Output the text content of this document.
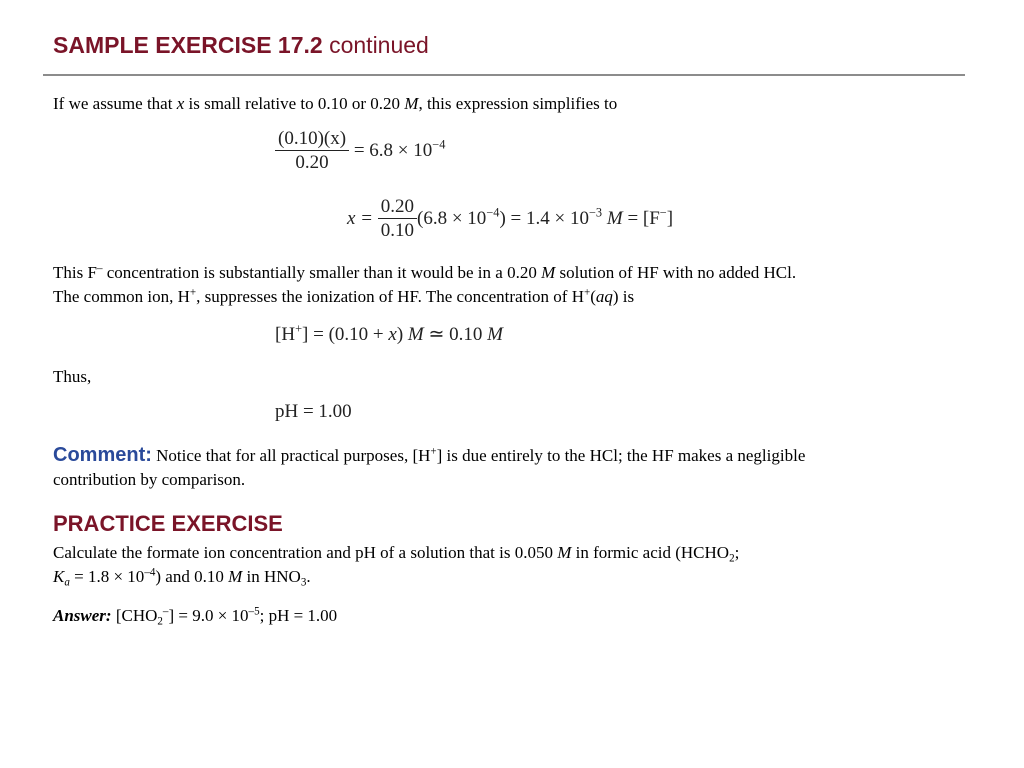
SAMPLE EXERCISE 17.2 continued
If we assume that x is small relative to 0.10 or 0.20 M, this expression simplifies to
$\frac{(0.10)(x)}{0.20} = 6.8 \times 10^{-4}$
$x = \frac{0.20}{0.10} (6.8 \times 10^{-4}) = 1.4 \times 10^{-3}$ M = [F−]
This F– concentration is substantially smaller than it would be in a 0.20 M solution of HF with no added HCl.
The common ion, H+, suppresses the ionization of HF. The concentration of H+(aq) is
[H+] = (0.10 + x) M ≃ 0.10 M
Thus,
pH = 1.00
Comment: Notice that for all practical purposes, [H+] is due entirely to the HCl; the HF makes a negligible
contribution by comparison.
PRACTICE EXERCISE
Calculate the formate ion concentration and pH of a solution that is 0.050 M in formic acid ($HCHO_2$;
$K_a = 1.8 \times 10^{-4}$) and 0.10 M in $HNO_3$.
Answer: $[CHO_2^-] = 9.0 \times 10^{-5}$; pH = 1.00
